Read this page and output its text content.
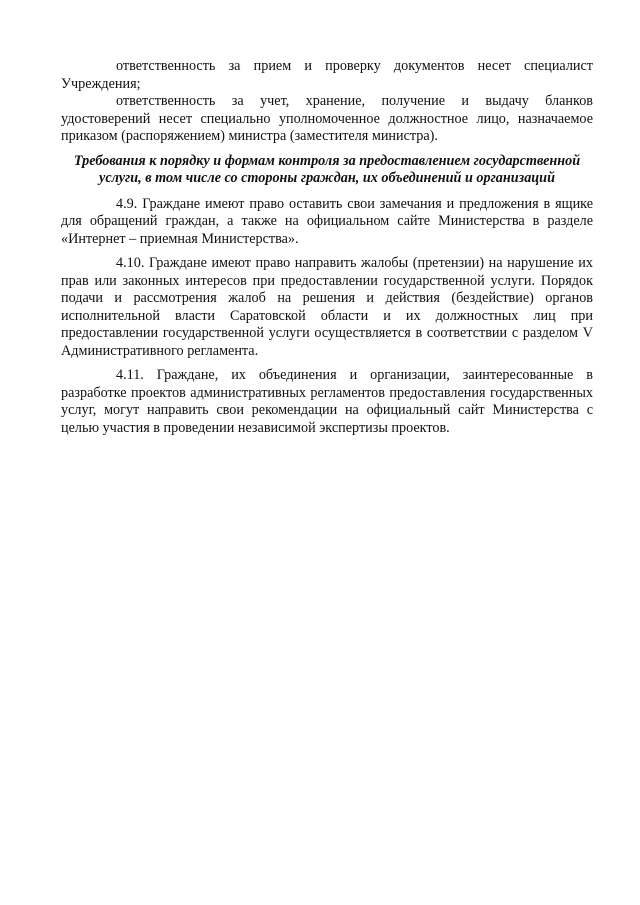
ответственность за прием и проверку документов несет специалист Учреждения;

ответственность за учет, хранение, получение и выдачу бланков удостоверений несет специально уполномоченное должностное лицо, назначаемое приказом (распоряжением) министра (заместителя министра).

Требования к порядку и формам контроля за предоставлением государственной услуги, в том числе со стороны граждан, их объединений и организаций

4.9. Граждане имеют право оставить свои замечания и предложения в ящике для обращений граждан, а также на официальном сайте Министерства в разделе «Интернет – приемная Министерства».

4.10. Граждане имеют право направить жалобы (претензии) на нарушение их прав или законных интересов при предоставлении государственной услуги. Порядок подачи и рассмотрения жалоб на решения и действия (бездействие) органов исполнительной власти Саратовской области и их должностных лиц при предоставлении государственной услуги осуществляется в соответствии с разделом V Административного регламента.

4.11. Граждане, их объединения и организации, заинтересованные в разработке проектов административных регламентов предоставления государственных услуг, могут направить свои рекомендации на официальный сайт Министерства с целью участия в проведении независимой экспертизы проектов.
